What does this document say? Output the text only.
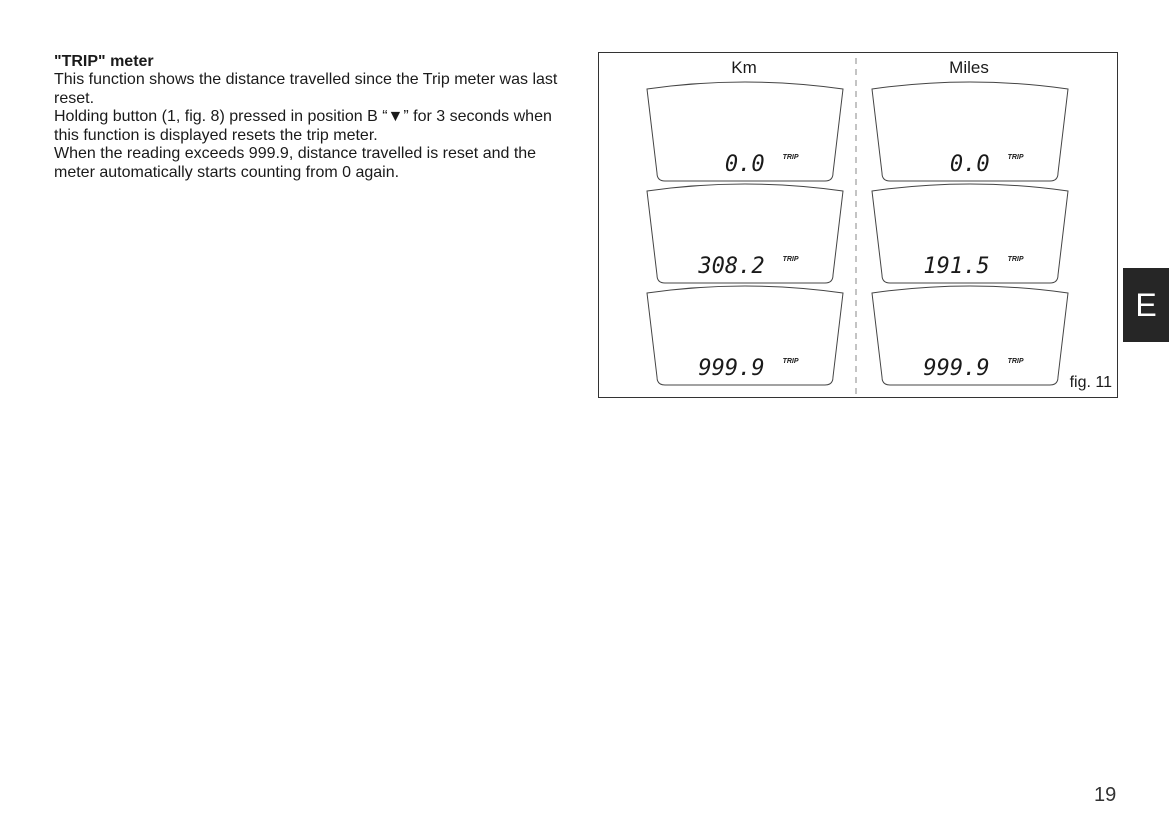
"TRIP" meter

This function shows the distance travelled since the Trip meter was last reset.

Holding button (1, fig. 8) pressed in position B “▼” for 3 seconds when this function is displayed resets the trip meter.

When the reading exceeds 999.9, distance travelled is reset and the meter automatically starts counting from 0 again.	0.0	TRIP	0.0	TRIP
308.2	TRIP	191.5	TRIP
999.9	TRIP	999.9	TRIP
Km	Miles
fig. 11
E
19
